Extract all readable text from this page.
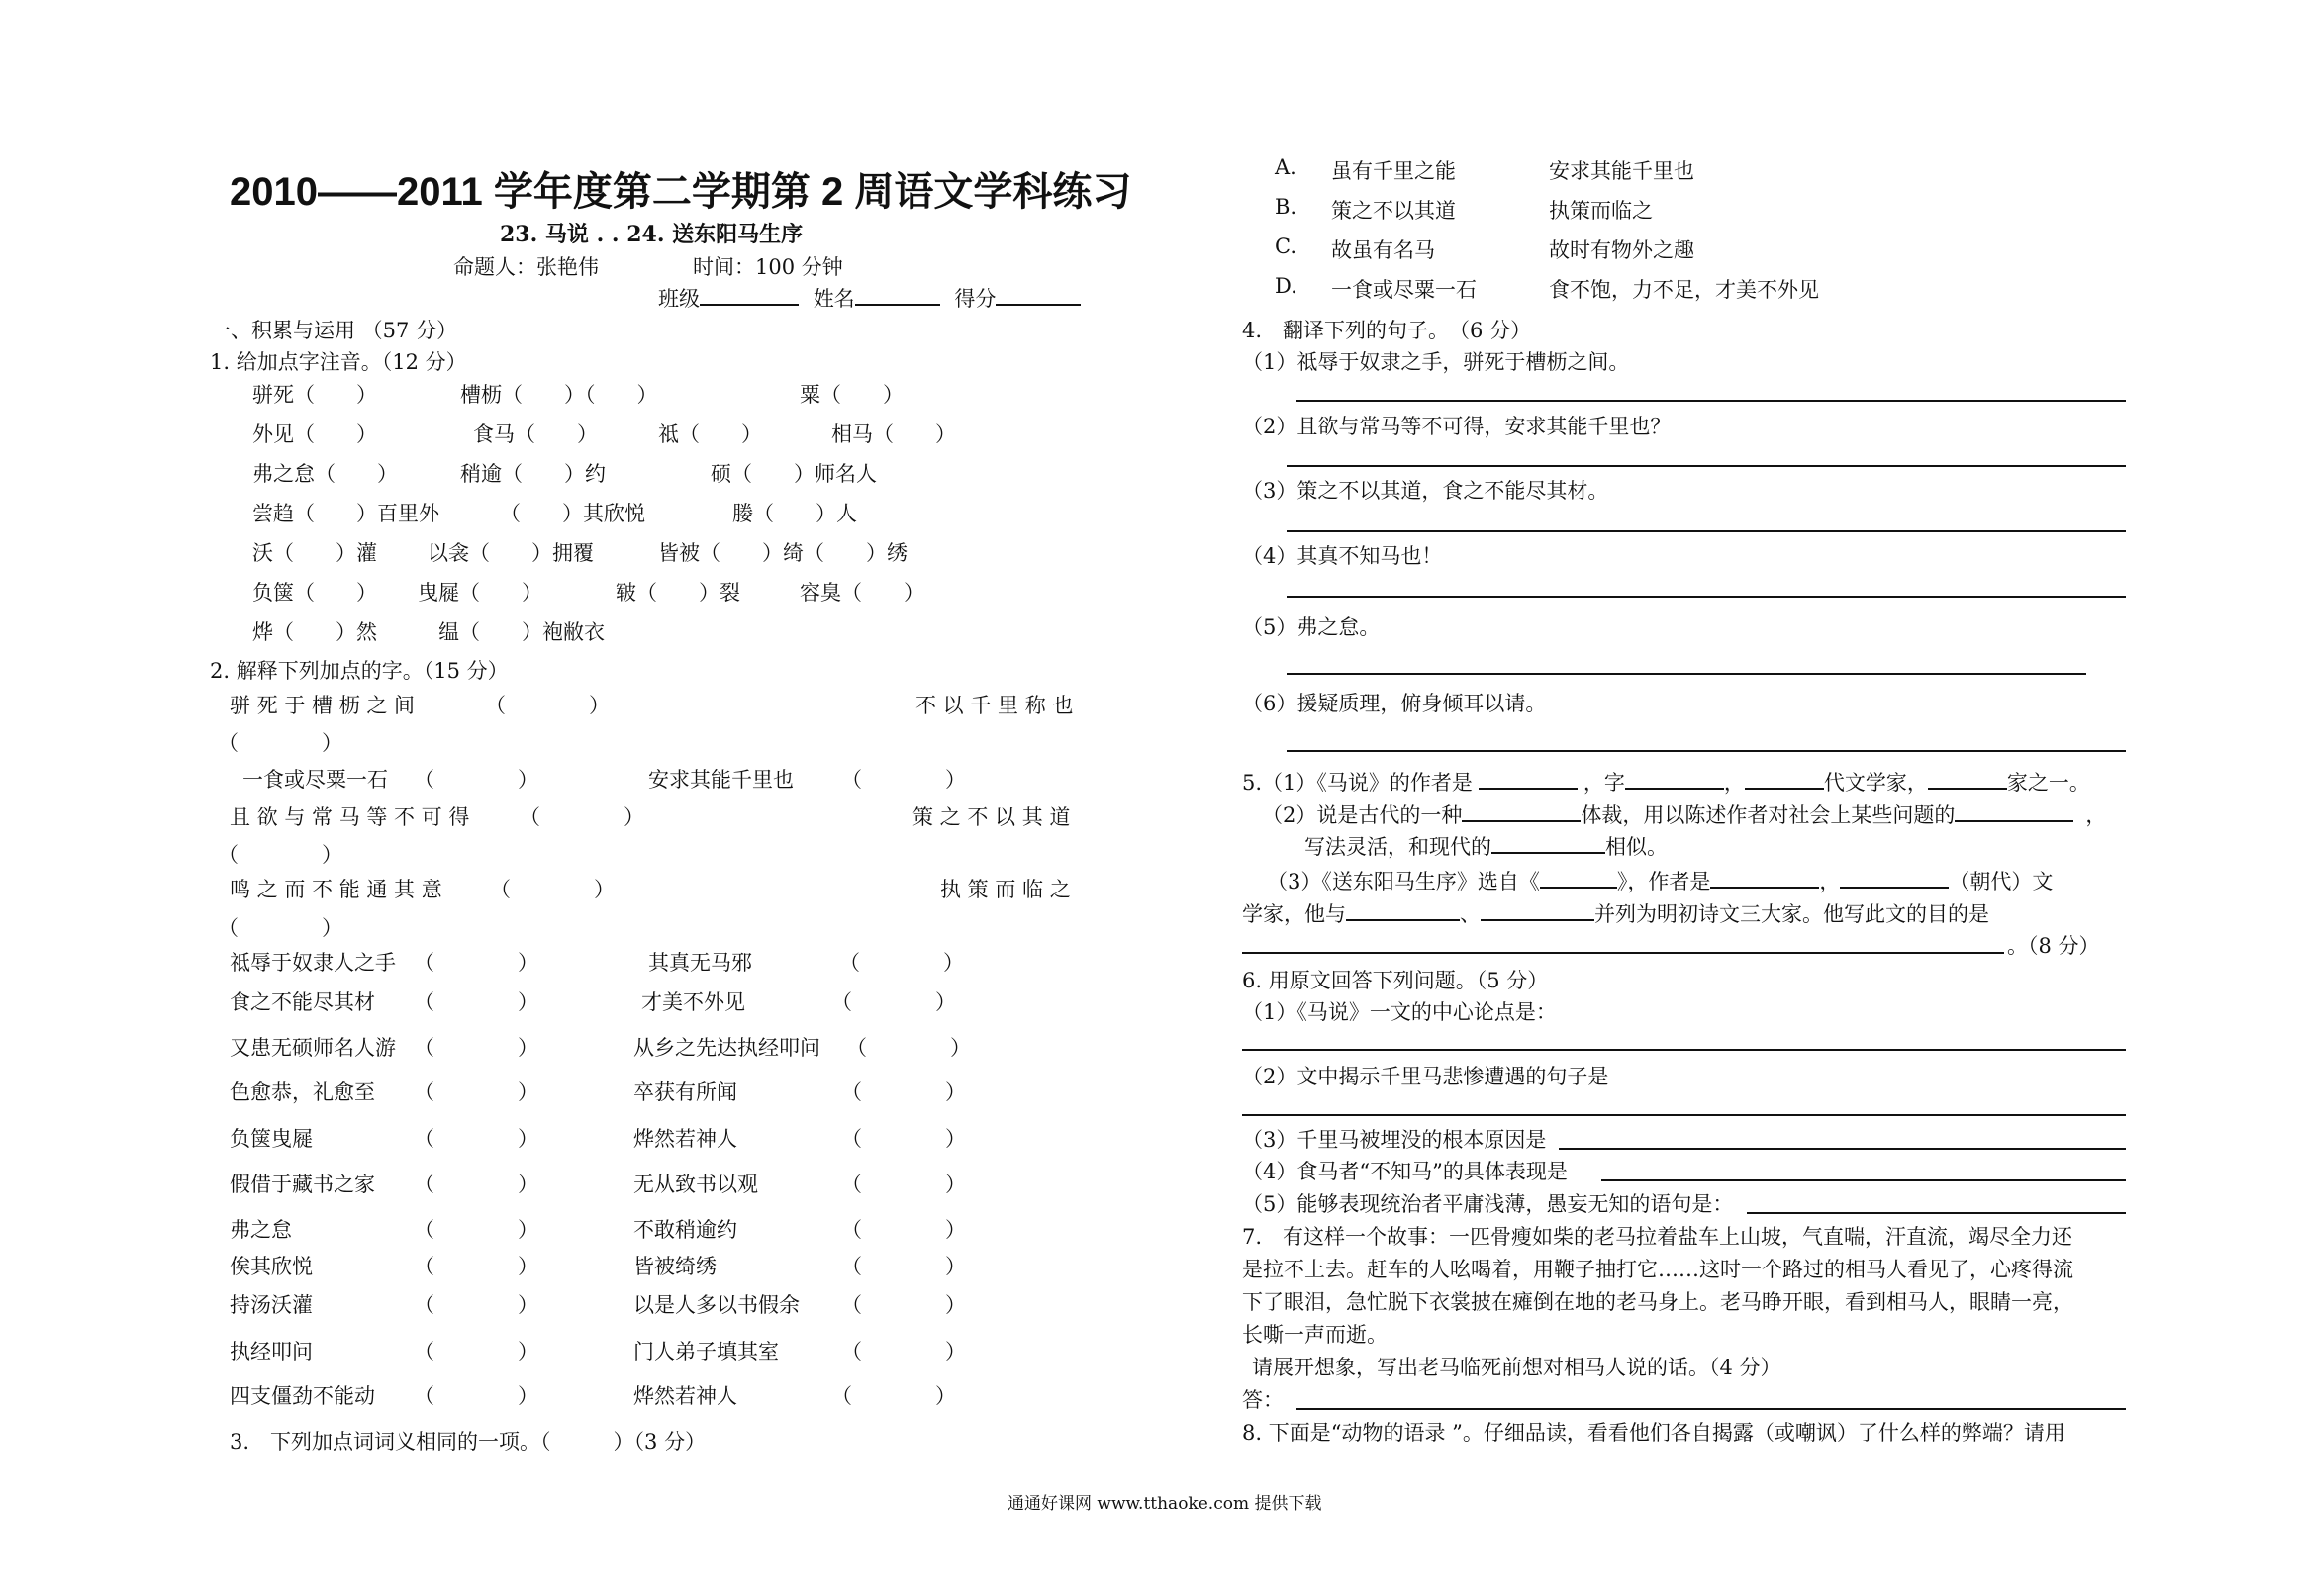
2010——2011 学年度第二学期第 2 周语文学科练习
23. 马说 . . 24. 送东阳马生序
命题人：张艳伟	时间：100 分钟
班级	姓名	得分
一、积累与运用 （57 分）
1. 给加点字注音。（12 分）
骈死（　　）	槽枥（　　）（　　）	粟（　　）
外见（　　）	食马（　　）	祗（　　）	相马（　　）
弗之怠（　　）	稍逾（　　）约	硕（　　）师名人
尝趋（　　）百里外	（　　）其欣悦	媵（　　）人
沃（　　）灌 以衾（　　）拥覆	皆被（　　）绮（　　）绣
负箧（　　） 曳屣（　　）	皲（　　）裂	容臭（　　）
烨（　　）然	缊（　　）袍敝衣
2. 解释下列加点的字。（15 分）
骈 死 于 槽 枥 之 间	（　　　　）	不 以 千 里 称 也
（　　　　）
一食或尽粟一石 （　　　　）	安求其能千里也 （　　　　）
且 欲 与 常 马 等 不 可 得 （　　　　）	策 之 不 以 其 道
（　　　　）
鸣 之 而 不 能 通 其 意 （　　　　）	执 策 而 临 之
（　　　　）
祗辱于奴隶人之手 （　　　　）	其真无马邪	（　　　　）
食之不能尽其材 （　　　　）	才美不外见	（　　　　）
又患无硕师名人游 （　　　　）	从乡之先达执经叩问 （　　　　）
色愈恭，礼愈至 （　　　　）	卒获有所闻	（　　　　）
负箧曳屣	（　　　　）	烨然若神人	（　　　　）
假借于藏书之家 （　　　　）	无从致书以观	（　　　　）
弗之怠	（　　　　）	不敢稍逾约	（　　　　）
俟其欣悦	（　　　　）	皆被绮绣	（　　　　）
持汤沃灌	（　　　　）	以是人多以书假余 （　　　　）
执经叩问	（　　　　）	门人弟子填其室	（　　　　）
四支僵劲不能动 （　　　　）	烨然若神人	（　　　　）
3.　下列加点词词义相同的一项。（　　　）（3 分）
A. 虽有千里之能	安求其能千里也
B. 策之不以其道	执策而临之
C. 故虽有名马	故时有物外之趣
D. 一食或尽粟一石	食不饱，力不足，才美不外见
4.　翻译下列的句子。　（6 分）
（1）祗辱于奴隶之手，骈死于槽枥之间。
（2）且欲与常马等不可得，安求其能千里也？
（3）策之不以其道，食之不能尽其材。
（4）其真不知马也！
（5）弗之怠。
（6）援疑质理，俯身倾耳以请。
5.（1）《马说》的作者是	，字	，	代文学家，	家之一。
（2）说是古代的一种	体裁，用以陈述作者对社会上某些问题的	，
写法灵活，和现代的	相似。
（3）《送东阳马生序》选自《	》，作者是	，	（朝代）文
学家，他与	、	并列为明初诗文三大家。他写此文的目的是
。（8 分）
6. 用原文回答下列问题。（5 分）
（1）《马说》一文的中心论点是：
（2）文中揭示千里马悲惨遭遇的句子是
（3）千里马被埋没的根本原因是
（4）食马者“不知马”的具体表现是
（5）能够表现统治者平庸浅薄，愚妄无知的语句是：
7.　有这样一个故事：一匹骨瘦如柴的老马拉着盐车上山坡，气直喘，汗直流，竭尽全力还
是拉不上去。赶车的人吆喝着，用鞭子抽打它……这时一个路过的相马人看见了，心疼得流
下了眼泪，急忙脱下衣裳披在瘫倒在地的老马身上。老马睁开眼，看到相马人，眼睛一亮，
长嘶一声而逝。
请展开想象，写出老马临死前想对相马人说的话。（4 分）
答：
8. 下面是“动物的语录 ”。仔细品读，看看他们各自揭露（或嘲讽）了什么样的弊端？请用
通通好课网 www.tthaoke.com 提供下载
